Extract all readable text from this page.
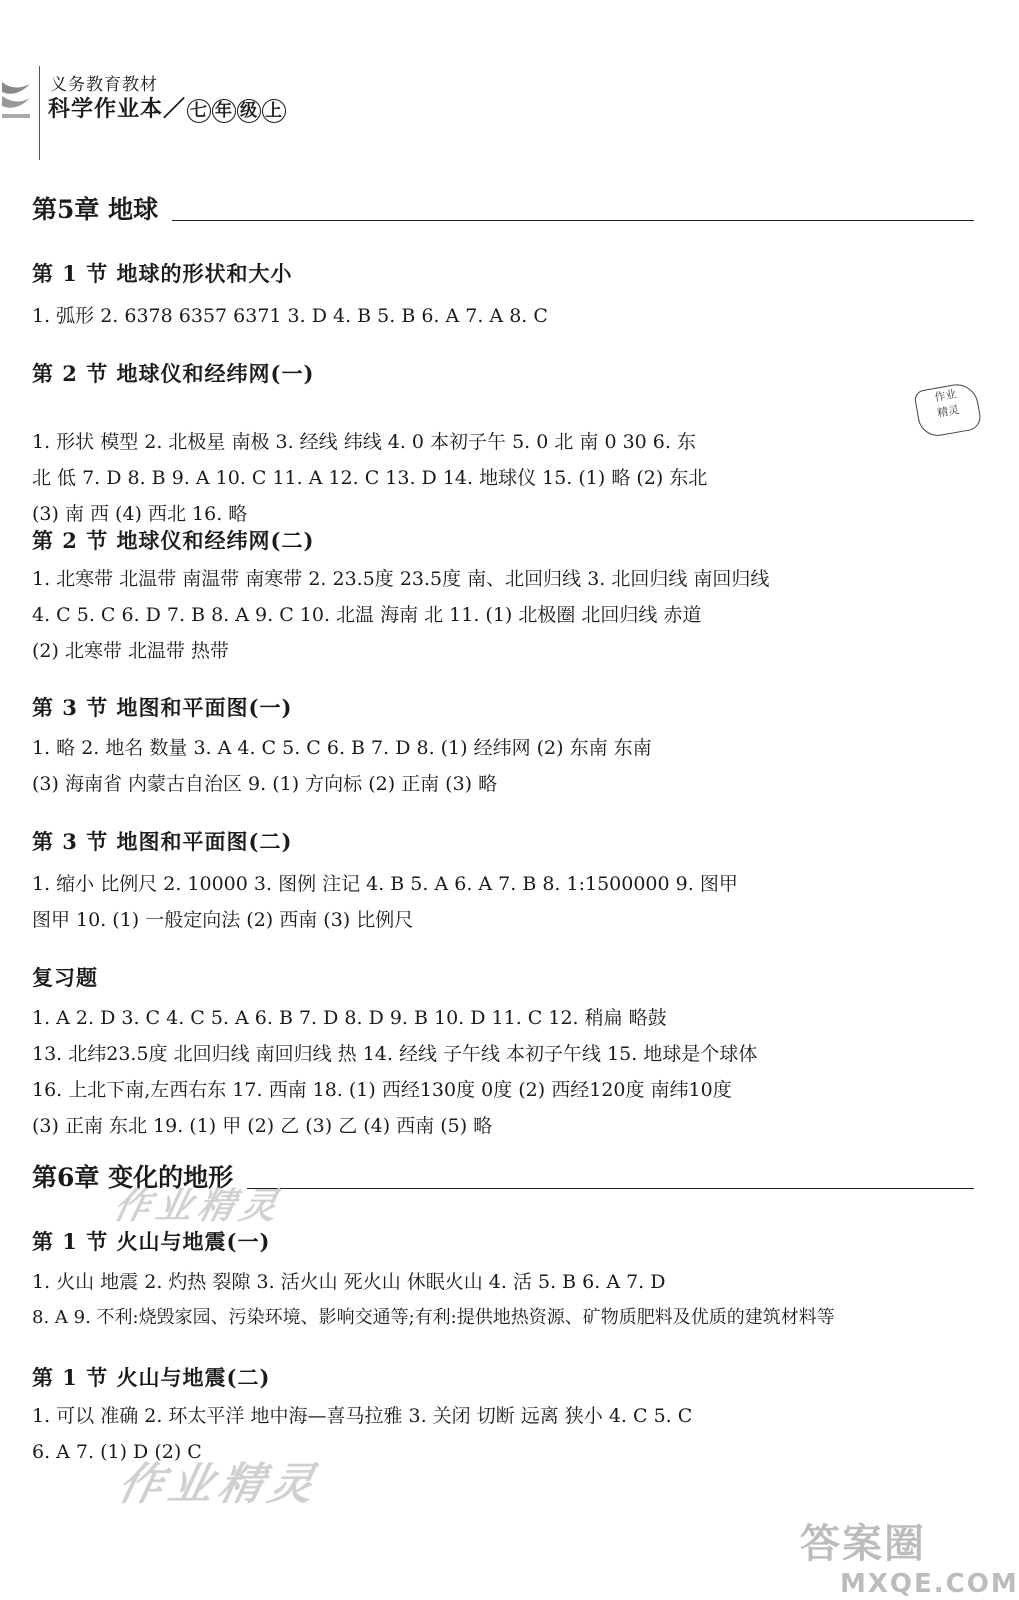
义务教育教材
科学作业本／ 七 年 级 上
第5章 地球
第 1 节 地球的形状和大小
1. 弧形 2. 6378 6357 6371 3. D 4. B 5. B 6. A 7. A 8. C
第 2 节 地球仪和经纬网(一)
1. 形状 模型 2. 北极星 南极 3. 经线 纬线 4. 0 本初子午 5. 0 北 南 0 30 6. 东
北 低 7. D 8. B 9. A 10. C 11. A 12. C 13. D 14. 地球仪 15. (1) 略 (2) 东北
(3) 南 西 (4) 西北 16. 略
第 2 节 地球仪和经纬网(二)
1. 北寒带 北温带 南温带 南寒带 2. 23.5度 23.5度 南、北回归线 3. 北回归线 南回归线
4. C 5. C 6. D 7. B 8. A 9. C 10. 北温 海南 北 11. (1) 北极圈 北回归线 赤道
(2) 北寒带 北温带 热带
第 3 节 地图和平面图(一)
1. 略 2. 地名 数量 3. A 4. C 5. C 6. B 7. D 8. (1) 经纬网 (2) 东南 东南
(3) 海南省 内蒙古自治区 9. (1) 方向标 (2) 正南 (3) 略
第 3 节 地图和平面图(二)
1. 缩小 比例尺 2. 10000 3. 图例 注记 4. B 5. A 6. A 7. B 8. 1:1500000 9. 图甲
图甲 10. (1) 一般定向法 (2) 西南 (3) 比例尺
复习题
1. A 2. D 3. C 4. C 5. A 6. B 7. D 8. D 9. B 10. D 11. C 12. 稍扁 略鼓
13. 北纬23.5度 北回归线 南回归线 热 14. 经线 子午线 本初子午线 15. 地球是个球体
16. 上北下南,左西右东 17. 西南 18. (1) 西经130度 0度 (2) 西经120度 南纬10度
(3) 正南 东北 19. (1) 甲 (2) 乙 (3) 乙 (4) 西南 (5) 略
第6章 变化的地形
第 1 节 火山与地震(一)
1. 火山 地震 2. 灼热 裂隙 3. 活火山 死火山 休眠火山 4. 活 5. B 6. A 7. D
8. A 9. 不利:烧毁家园、污染环境、影响交通等;有利:提供地热资源、矿物质肥料及优质的建筑材料等
第 1 节 火山与地震(二)
1. 可以 准确 2. 环太平洋 地中海—喜马拉雅 3. 关闭 切断 远离 狭小 4. C 5. C
6. A 7. (1) D (2) C
作业
精灵
作业精灵
作业精灵
答案圈
MXQE.COM
